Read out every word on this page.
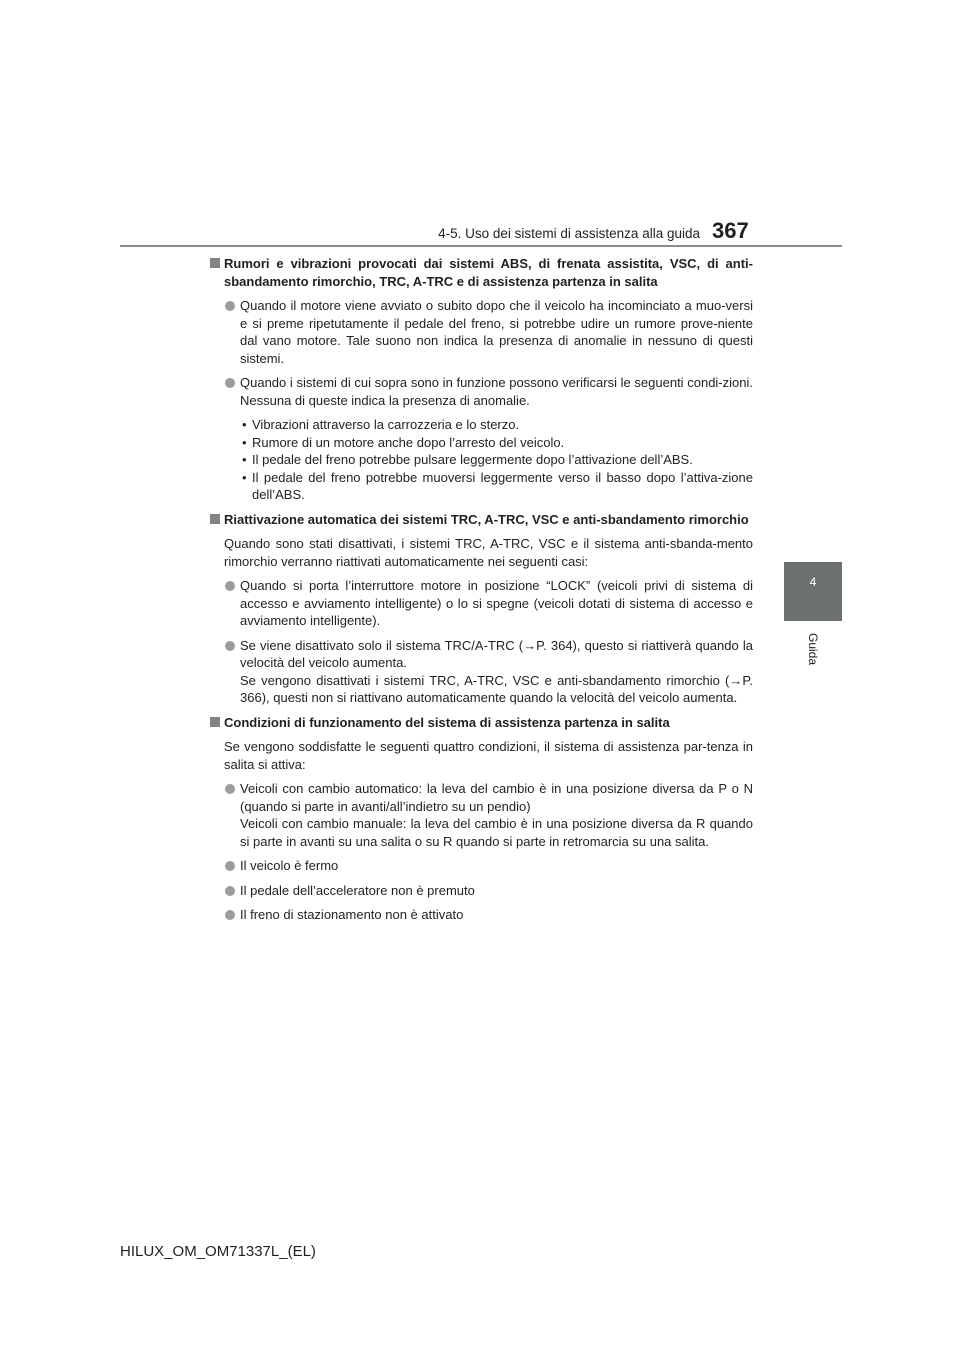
4-5. Uso dei sistemi di assistenza alla guida 367
4
Guida
Rumori e vibrazioni provocati dai sistemi ABS, di frenata assistita, VSC, di anti-sbandamento rimorchio, TRC, A-TRC e di assistenza partenza in salita
Quando il motore viene avviato o subito dopo che il veicolo ha incominciato a muo-versi e si preme ripetutamente il pedale del freno, si potrebbe udire un rumore prove-niente dal vano motore. Tale suono non indica la presenza di anomalie in nessuno di questi sistemi.
Quando i sistemi di cui sopra sono in funzione possono verificarsi le seguenti condi-zioni. Nessuna di queste indica la presenza di anomalie.
• Vibrazioni attraverso la carrozzeria e lo sterzo.
• Rumore di un motore anche dopo l’arresto del veicolo.
• Il pedale del freno potrebbe pulsare leggermente dopo l’attivazione dell’ABS.
• Il pedale del freno potrebbe muoversi leggermente verso il basso dopo l’attiva-zione dell’ABS.
Riattivazione automatica dei sistemi TRC, A-TRC, VSC e anti-sbandamento rimorchio
Quando sono stati disattivati, i sistemi TRC, A-TRC, VSC e il sistema anti-sbanda-mento rimorchio verranno riattivati automaticamente nei seguenti casi:
Quando si porta l’interruttore motore in posizione “LOCK” (veicoli privi di sistema di accesso e avviamento intelligente) o lo si spegne (veicoli dotati di sistema di accesso e avviamento intelligente).
Se viene disattivato solo il sistema TRC/A-TRC (→P. 364), questo si riattiverà quando la velocità del veicolo aumenta.
Se vengono disattivati i sistemi TRC, A-TRC, VSC e anti-sbandamento rimorchio (→P. 366), questi non si riattivano automaticamente quando la velocità del veicolo aumenta.
Condizioni di funzionamento del sistema di assistenza partenza in salita
Se vengono soddisfatte le seguenti quattro condizioni, il sistema di assistenza par-tenza in salita si attiva:
Veicoli con cambio automatico: la leva del cambio è in una posizione diversa da P o N (quando si parte in avanti/all’indietro su un pendio)
Veicoli con cambio manuale: la leva del cambio è in una posizione diversa da R quando si parte in avanti su una salita o su R quando si parte in retromarcia su una salita.
Il veicolo è fermo
Il pedale dell’acceleratore non è premuto
Il freno di stazionamento non è attivato
HILUX_OM_OM71337L_(EL)
